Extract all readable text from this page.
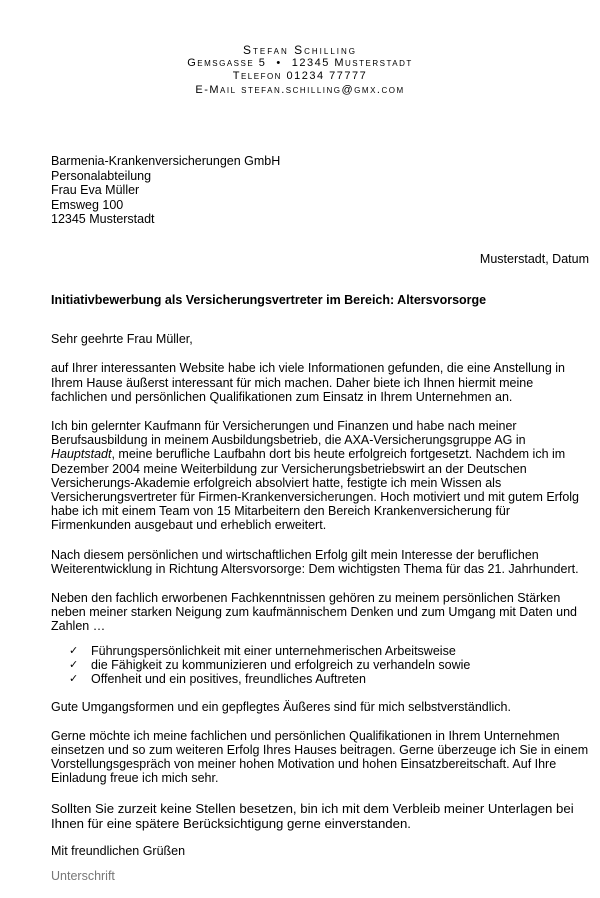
Stefan Schilling
Gemsgasse 5 • 12345 Musterstadt
Telefon 01234 77777
E-Mail stefan.schilling@gmx.com
Barmenia-Krankenversicherungen GmbH
Personalabteilung
Frau Eva Müller
Emsweg 100
12345 Musterstadt
Musterstadt, Datum
Initiativbewerbung als Versicherungsvertreter im Bereich: Altersvorsorge

Sehr geehrte Frau Müller,

auf Ihrer interessanten Website habe ich viele Informationen gefunden, die eine Anstellung in Ihrem Hause äußerst interessant für mich machen. Daher biete ich Ihnen hiermit meine fachlichen und persönlichen Qualifikationen zum Einsatz in Ihrem Unternehmen an.

Ich bin gelernter Kaufmann für Versicherungen und Finanzen und habe nach meiner Berufsausbildung in meinem Ausbildungsbetrieb, die AXA-Versicherungsgruppe AG in Hauptstadt, meine berufliche Laufbahn dort bis heute erfolgreich fortgesetzt. Nachdem ich im Dezember 2004 meine Weiterbildung zur Versicherungsbetriebswirt an der Deutschen Versicherungs-Akademie erfolgreich absolviert hatte, festigte ich mein Wissen als Versicherungsvertreter für Firmen-Krankenversicherungen. Hoch motiviert und mit gutem Erfolg habe ich mit einem Team von 15 Mitarbeitern den Bereich Krankenversicherung für Firmenkunden ausgebaut und erheblich erweitert.

Nach diesem persönlichen und wirtschaftlichen Erfolg gilt mein Interesse der beruflichen Weiterentwicklung in Richtung Altersvorsorge: Dem wichtigsten Thema für das 21. Jahrhundert.

Neben den fachlich erworbenen Fachkenntnissen gehören zu meinem persönlichen Stärken neben meiner starken Neigung zum kaufmännischem Denken und zum Umgang mit Daten und Zahlen …

✓ Führungspersönlichkeit mit einer unternehmerischen Arbeitsweise
✓ die Fähigkeit zu kommunizieren und erfolgreich zu verhandeln sowie
✓ Offenheit und ein positives, freundliches Auftreten

Gute Umgangsformen und ein gepflegtes Äußeres sind für mich selbstverständlich.

Gerne möchte ich meine fachlichen und persönlichen Qualifikationen in Ihrem Unternehmen einsetzen und so zum weiteren Erfolg Ihres Hauses beitragen. Gerne überzeuge ich Sie in einem Vorstellungsgespräch von meiner hohen Motivation und hohen Einsatzbereitschaft. Auf Ihre Einladung freue ich mich sehr.

Sollten Sie zurzeit keine Stellen besetzen, bin ich mit dem Verbleib meiner Unterlagen bei Ihnen für eine spätere Berücksichtigung gerne einverstanden.

Mit freundlichen Grüßen

Unterschrift
